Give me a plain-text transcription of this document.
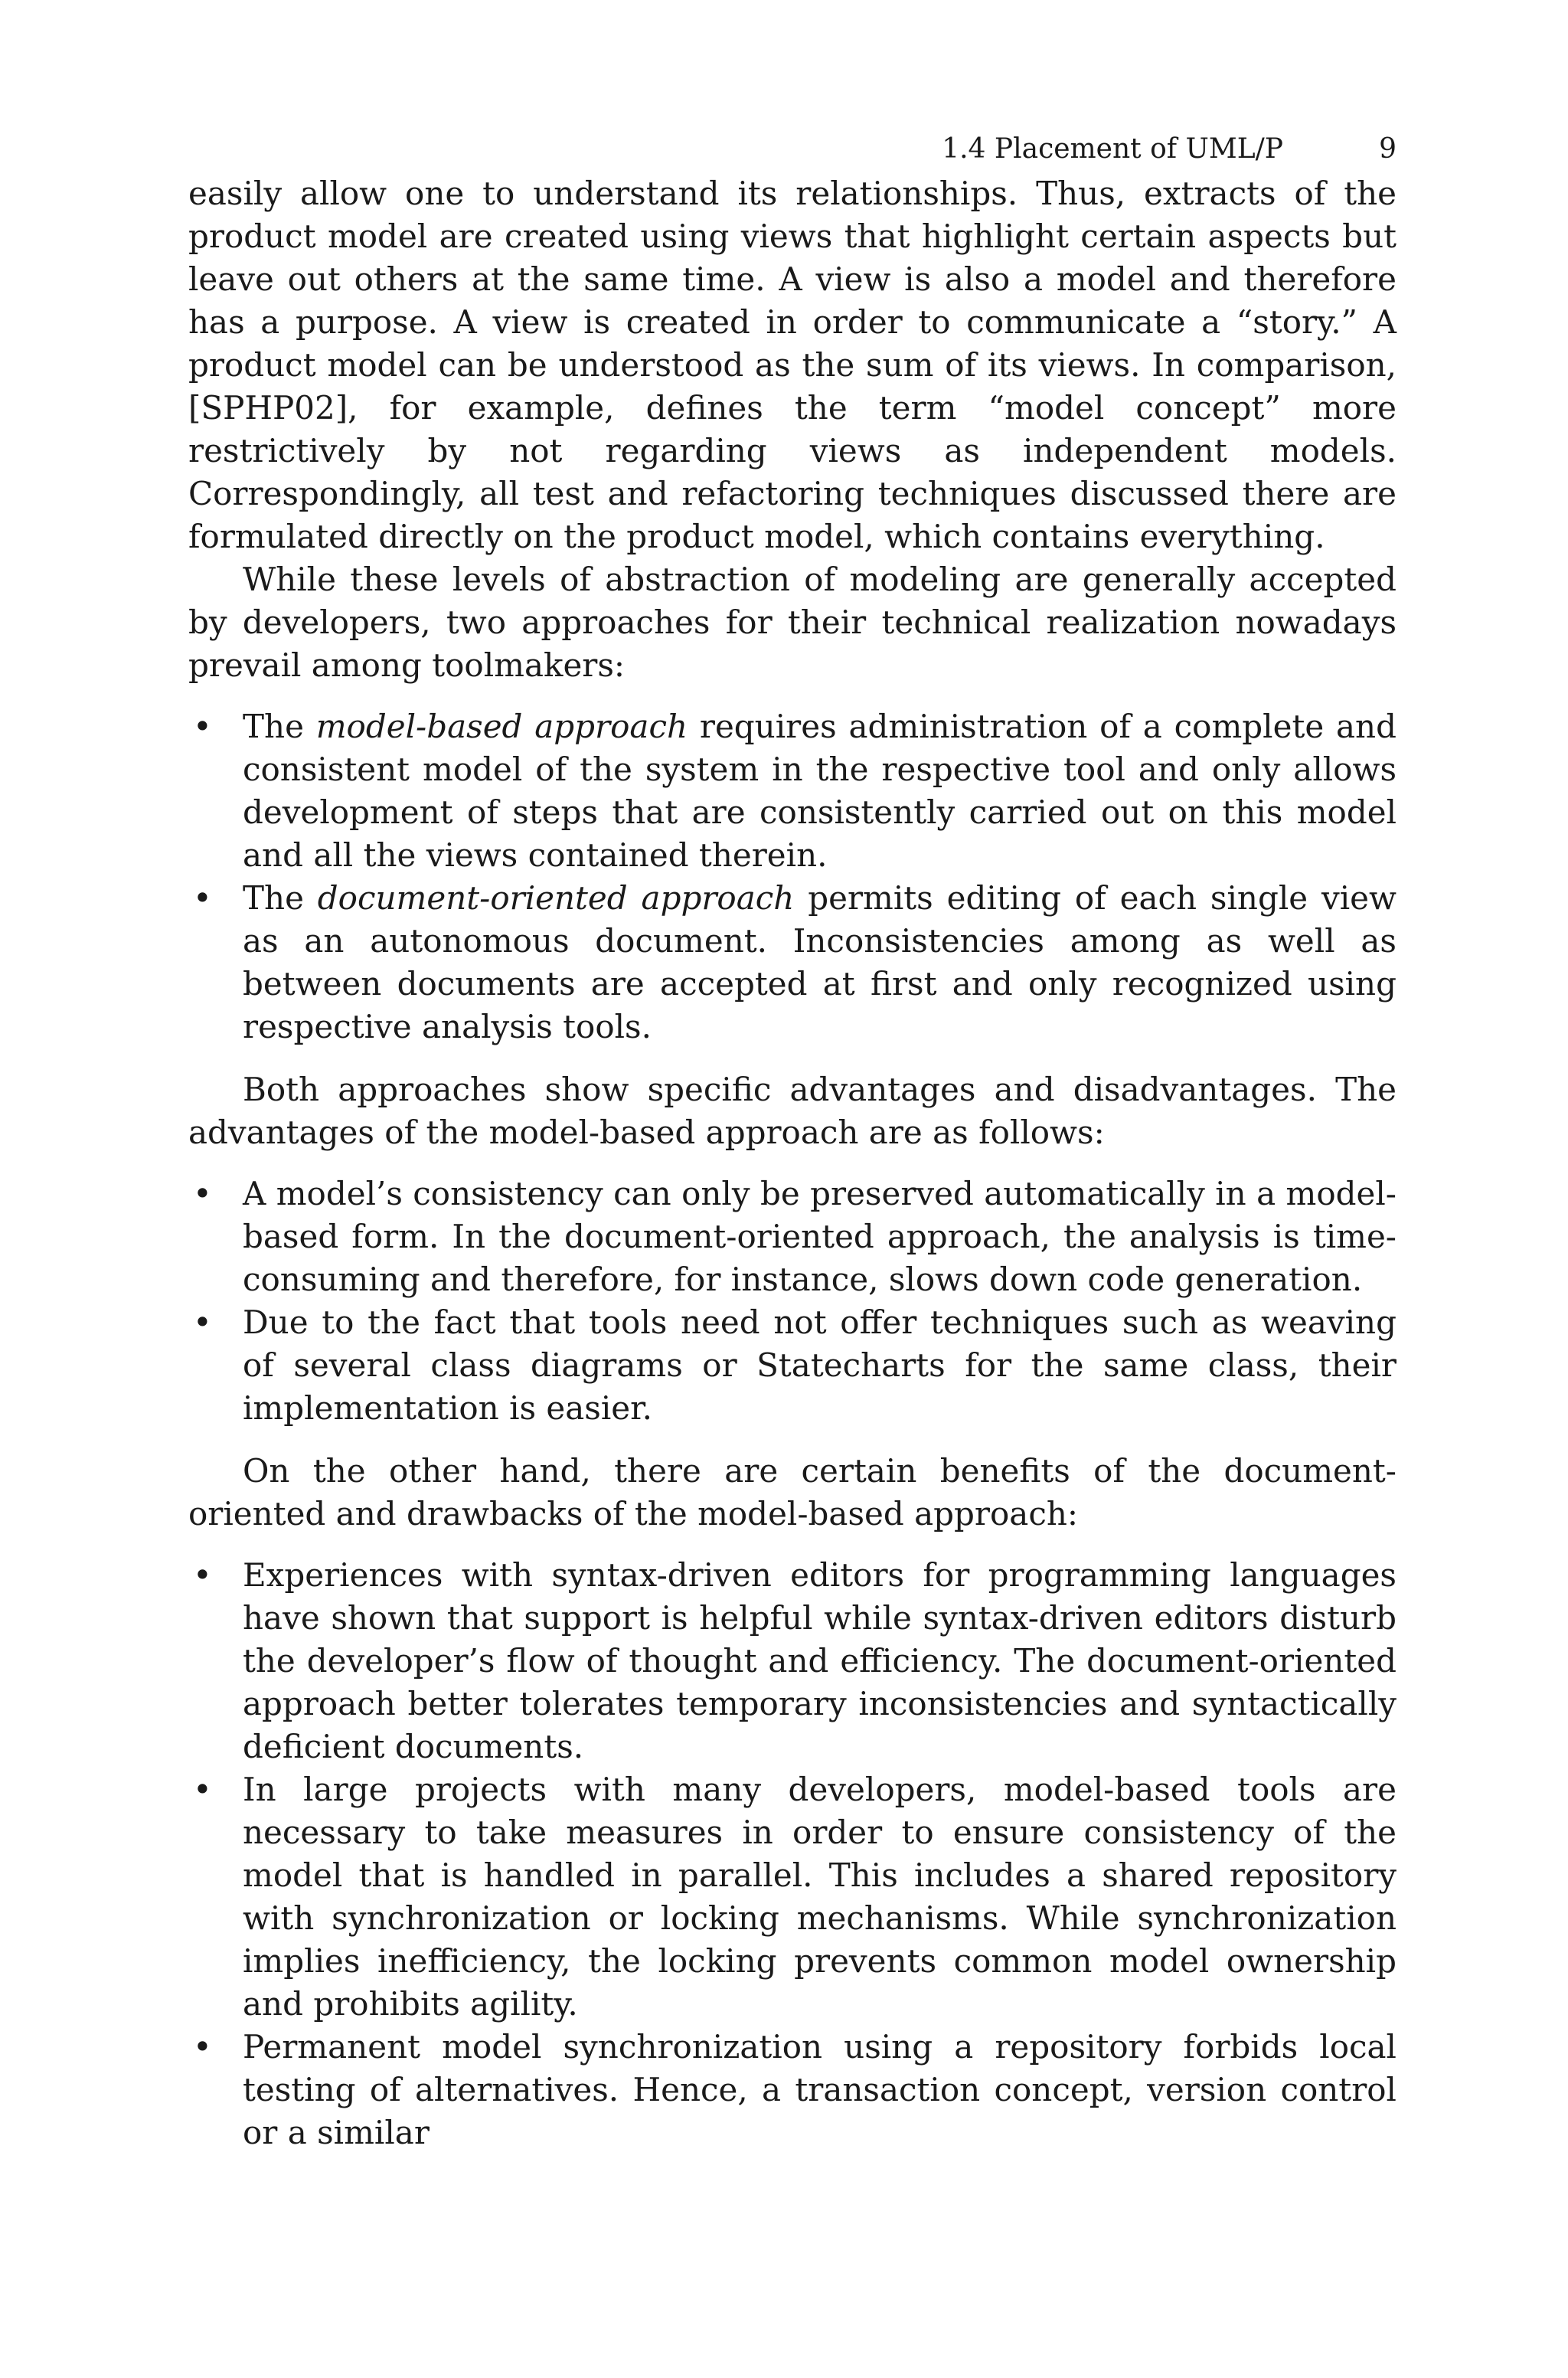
1.4 Placement of UML/P	9

easily allow one to understand its relationships. Thus, extracts of the product model are created using views that highlight certain aspects but leave out others at the same time. A view is also a model and therefore has a purpose. A view is created in order to communicate a “story.” A product model can be understood as the sum of its views. In comparison, [SPHP02], for example, defines the term “model concept” more restrictively by not regarding views as independent models. Correspondingly, all test and refactoring techniques discussed there are formulated directly on the product model, which contains everything.

While these levels of abstraction of modeling are generally accepted by developers, two approaches for their technical realization nowadays prevail among toolmakers:

• The model-based approach requires administration of a complete and consistent model of the system in the respective tool and only allows development of steps that are consistently carried out on this model and all the views contained therein.
• The document-oriented approach permits editing of each single view as an autonomous document. Inconsistencies among as well as between documents are accepted at first and only recognized using respective analysis tools.

Both approaches show specific advantages and disadvantages. The advantages of the model-based approach are as follows:

• A model’s consistency can only be preserved automatically in a model-based form. In the document-oriented approach, the analysis is time-consuming and therefore, for instance, slows down code generation.
• Due to the fact that tools need not offer techniques such as weaving of several class diagrams or Statecharts for the same class, their implementation is easier.

On the other hand, there are certain benefits of the document-oriented and drawbacks of the model-based approach:

• Experiences with syntax-driven editors for programming languages have shown that support is helpful while syntax-driven editors disturb the developer’s flow of thought and efficiency. The document-oriented approach better tolerates temporary inconsistencies and syntactically deficient documents.
• In large projects with many developers, model-based tools are necessary to take measures in order to ensure consistency of the model that is handled in parallel. This includes a shared repository with synchronization or locking mechanisms. While synchronization implies inefficiency, the locking prevents common model ownership and prohibits agility.
• Permanent model synchronization using a repository forbids local testing of alternatives. Hence, a transaction concept, version control or a similar
